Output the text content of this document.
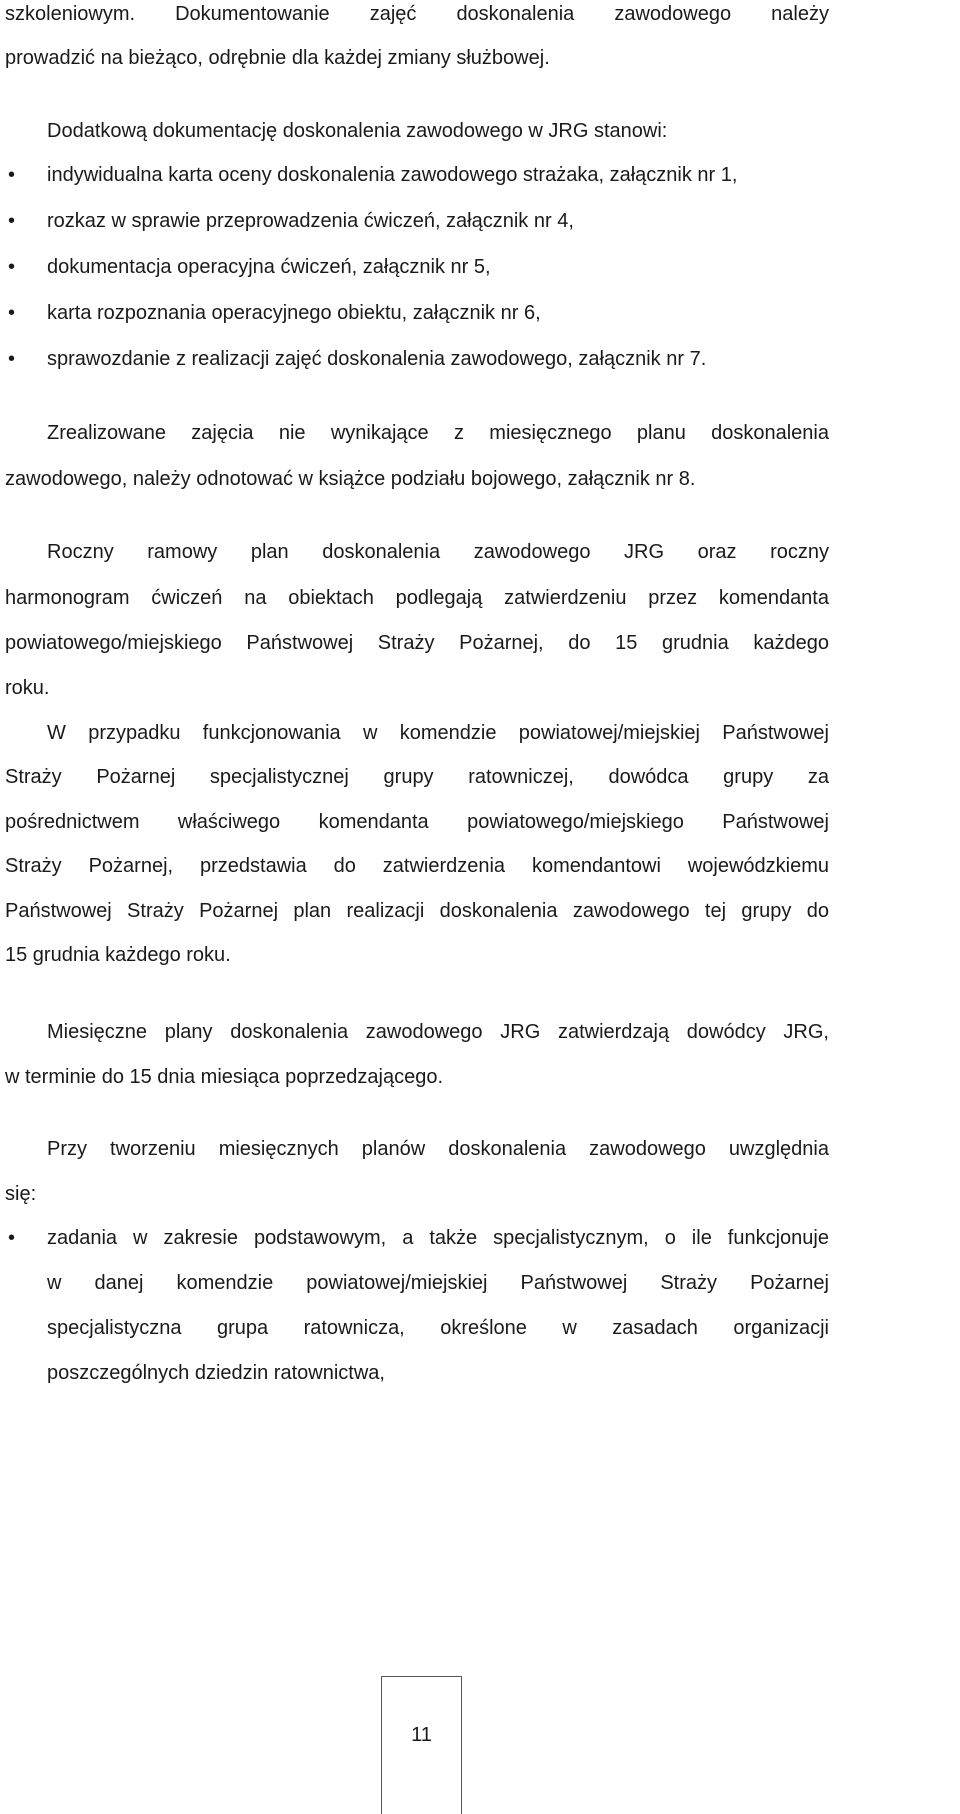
szkoleniowym. Dokumentowanie zajęć doskonalenia zawodowego należy
prowadzić na bieżąco, odrębnie dla każdej zmiany służbowej.
Dodatkową dokumentację doskonalenia zawodowego w JRG stanowi:
• indywidualna karta oceny doskonalenia zawodowego strażaka, załącznik nr 1,
• rozkaz w sprawie przeprowadzenia ćwiczeń, załącznik nr 4,
• dokumentacja operacyjna ćwiczeń, załącznik nr 5,
• karta rozpoznania operacyjnego obiektu, załącznik nr 6,
• sprawozdanie z realizacji zajęć doskonalenia zawodowego, załącznik nr 7.
Zrealizowane zajęcia nie wynikające z miesięcznego planu doskonalenia
zawodowego, należy odnotować w książce podziału bojowego, załącznik nr 8.
Roczny ramowy plan doskonalenia zawodowego JRG oraz roczny
harmonogram ćwiczeń na obiektach podlegają zatwierdzeniu przez komendanta
powiatowego/miejskiego Państwowej Straży Pożarnej, do 15 grudnia każdego
roku.
W przypadku funkcjonowania w komendzie powiatowej/miejskiej Państwowej
Straży Pożarnej specjalistycznej grupy ratowniczej, dowódca grupy za
pośrednictwem właściwego komendanta powiatowego/miejskiego Państwowej
Straży Pożarnej, przedstawia do zatwierdzenia komendantowi wojewódzkiemu
Państwowej Straży Pożarnej plan realizacji doskonalenia zawodowego tej grupy do
15 grudnia każdego roku.
Miesięczne plany doskonalenia zawodowego JRG zatwierdzają dowódcy JRG,
w terminie do 15 dnia miesiąca poprzedzającego.
Przy tworzeniu miesięcznych planów doskonalenia zawodowego uwzględnia
się:
• zadania w zakresie podstawowym, a także specjalistycznym, o ile funkcjonuje
w danej komendzie powiatowej/miejskiej Państwowej Straży Pożarnej
specjalistyczna grupa ratownicza, określone w zasadach organizacji
poszczególnych dziedzin ratownictwa,
11
